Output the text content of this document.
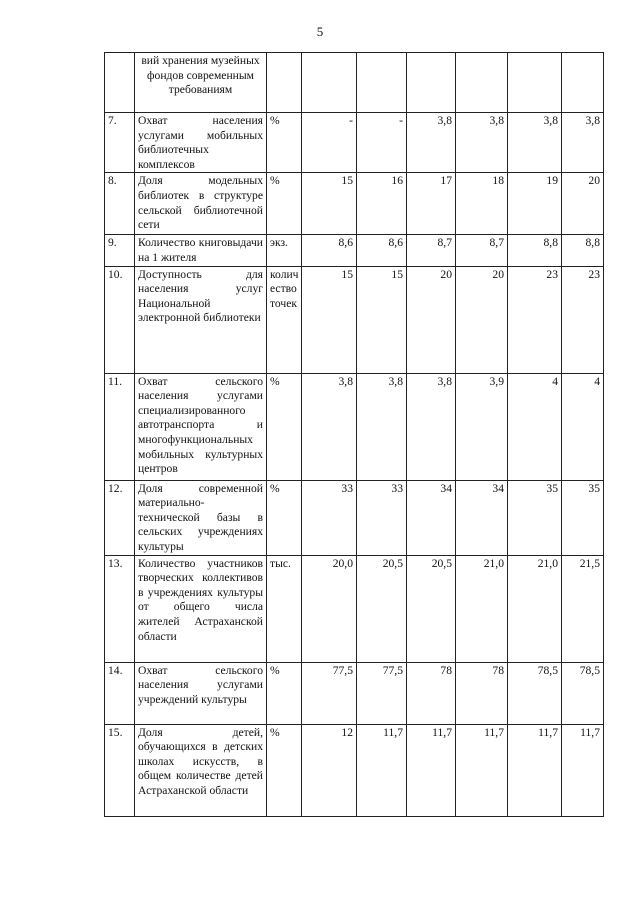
5
	вий хранения музейных фондов современным требованиям							
7.	Охват населения услугами мобильных библиотечных комплексов	%	-	-	3,8	3,8	3,8	3,8
8.	Доля модельных библиотек в структуре сельской библиотечной сети	%	15	16	17	18	19	20
9.	Количество книговыдачи на 1 жителя	экз.	8,6	8,6	8,7	8,7	8,8	8,8
10.	Доступность для населения услуг Национальной электронной библиотеки	количество точек	15	15	20	20	23	23
11.	Охват сельского населения услугами специализированного автотранспорта и многофункциональных мобильных культурных центров	%	3,8	3,8	3,8	3,9	4	4
12.	Доля современной материально-технической базы в сельских учреждениях культуры	%	33	33	34	34	35	35
13.	Количество участников творческих коллективов в учреждениях культуры от общего числа жителей Астраханской области	тыс.	20,0	20,5	20,5	21,0	21,0	21,5
14.	Охват сельского населения услугами учреждений культуры	%	77,5	77,5	78	78	78,5	78,5
15.	Доля детей, обучающихся в детских школах искусств, в общем количестве детей Астраханской области	%	12	11,7	11,7	11,7	11,7	11,7
